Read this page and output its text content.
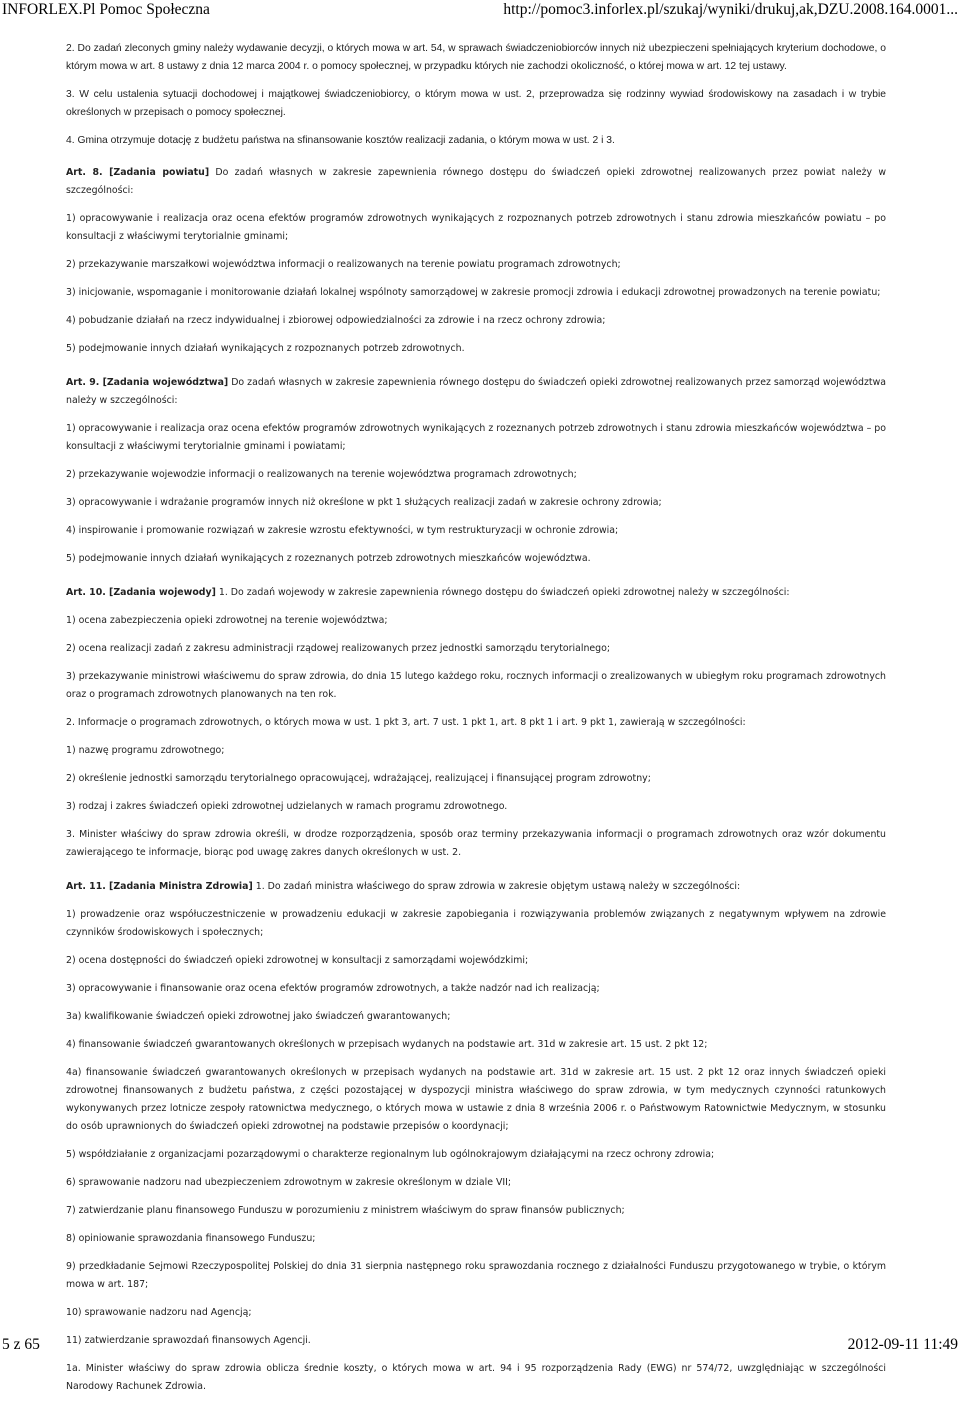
INFORLEX.Pl Pomoc Społeczna	http://pomoc3.inforlex.pl/szukaj/wyniki/drukuj,ak,DZU.2008.164.0001...

2. Do zadań zleconych gminy należy wydawanie decyzji, o których mowa w art. 54, w sprawach świadczeniobiorców innych niż ubezpieczeni spełniających kryterium dochodowe, o którym mowa w art. 8 ustawy z dnia 12 marca 2004 r. o pomocy społecznej, w przypadku których nie zachodzi okoliczność, o której mowa w art. 12 tej ustawy.

3. W celu ustalenia sytuacji dochodowej i majątkowej świadczeniobiorcy, o którym mowa w ust. 2, przeprowadza się rodzinny wywiad środowiskowy na zasadach i w trybie określonych w przepisach o pomocy społecznej.

4. Gmina otrzymuje dotację z budżetu państwa na sfinansowanie kosztów realizacji zadania, o którym mowa w ust. 2 i 3.

Art. 8. [Zadania powiatu] Do zadań własnych w zakresie zapewnienia równego dostępu do świadczeń opieki zdrowotnej realizowanych przez powiat należy w szczególności:

1) opracowywanie i realizacja oraz ocena efektów programów zdrowotnych wynikających z rozpoznanych potrzeb zdrowotnych i stanu zdrowia mieszkańców powiatu – po konsultacji z właściwymi terytorialnie gminami;

2) przekazywanie marszałkowi województwa informacji o realizowanych na terenie powiatu programach zdrowotnych;

3) inicjowanie, wspomaganie i monitorowanie działań lokalnej wspólnoty samorządowej w zakresie promocji zdrowia i edukacji zdrowotnej prowadzonych na terenie powiatu;

4) pobudzanie działań na rzecz indywidualnej i zbiorowej odpowiedzialności za zdrowie i na rzecz ochrony zdrowia;

5) podejmowanie innych działań wynikających z rozpoznanych potrzeb zdrowotnych.

Art. 9. [Zadania województwa] Do zadań własnych w zakresie zapewnienia równego dostępu do świadczeń opieki zdrowotnej realizowanych przez samorząd województwa należy w szczególności:

1) opracowywanie i realizacja oraz ocena efektów programów zdrowotnych wynikających z rozeznanych potrzeb zdrowotnych i stanu zdrowia mieszkańców województwa – po konsultacji z właściwymi terytorialnie gminami i powiatami;

2) przekazywanie wojewodzie informacji o realizowanych na terenie województwa programach zdrowotnych;

3) opracowywanie i wdrażanie programów innych niż określone w pkt 1 służących realizacji zadań w zakresie ochrony zdrowia;

4) inspirowanie i promowanie rozwiązań w zakresie wzrostu efektywności, w tym restrukturyzacji w ochronie zdrowia;

5) podejmowanie innych działań wynikających z rozeznanych potrzeb zdrowotnych mieszkańców województwa.

Art. 10. [Zadania wojewody] 1. Do zadań wojewody w zakresie zapewnienia równego dostępu do świadczeń opieki zdrowotnej należy w szczególności:

1) ocena zabezpieczenia opieki zdrowotnej na terenie województwa;

2) ocena realizacji zadań z zakresu administracji rządowej realizowanych przez jednostki samorządu terytorialnego;

3) przekazywanie ministrowi właściwemu do spraw zdrowia, do dnia 15 lutego każdego roku, rocznych informacji o zrealizowanych w ubiegłym roku programach zdrowotnych oraz o programach zdrowotnych planowanych na ten rok.

2. Informacje o programach zdrowotnych, o których mowa w ust. 1 pkt 3, art. 7 ust. 1 pkt 1, art. 8 pkt 1 i art. 9 pkt 1, zawierają w szczególności:

1) nazwę programu zdrowotnego;

2) określenie jednostki samorządu terytorialnego opracowującej, wdrażającej, realizującej i finansującej program zdrowotny;

3) rodzaj i zakres świadczeń opieki zdrowotnej udzielanych w ramach programu zdrowotnego.

3. Minister właściwy do spraw zdrowia określi, w drodze rozporządzenia, sposób oraz terminy przekazywania informacji o programach zdrowotnych oraz wzór dokumentu zawierającego te informacje, biorąc pod uwagę zakres danych określonych w ust. 2.

Art. 11. [Zadania Ministra Zdrowia] 1. Do zadań ministra właściwego do spraw zdrowia w zakresie objętym ustawą należy w szczególności:

1) prowadzenie oraz współuczestniczenie w prowadzeniu edukacji w zakresie zapobiegania i rozwiązywania problemów związanych z negatywnym wpływem na zdrowie czynników środowiskowych i społecznych;

2) ocena dostępności do świadczeń opieki zdrowotnej w konsultacji z samorządami wojewódzkimi;

3) opracowywanie i finansowanie oraz ocena efektów programów zdrowotnych, a także nadzór nad ich realizacją;

3a) kwalifikowanie świadczeń opieki zdrowotnej jako świadczeń gwarantowanych;

4) finansowanie świadczeń gwarantowanych określonych w przepisach wydanych na podstawie art. 31d w zakresie art. 15 ust. 2 pkt 12;

4a) finansowanie świadczeń gwarantowanych określonych w przepisach wydanych na podstawie art. 31d w zakresie art. 15 ust. 2 pkt 12 oraz innych świadczeń opieki zdrowotnej finansowanych z budżetu państwa, z części pozostającej w dyspozycji ministra właściwego do spraw zdrowia, w tym medycznych czynności ratunkowych wykonywanych przez lotnicze zespoły ratownictwa medycznego, o których mowa w ustawie z dnia 8 września 2006 r. o Państwowym Ratownictwie Medycznym, w stosunku do osób uprawnionych do świadczeń opieki zdrowotnej na podstawie przepisów o koordynacji;

5) współdziałanie z organizacjami pozarządowymi o charakterze regionalnym lub ogólnokrajowym działającymi na rzecz ochrony zdrowia;

6) sprawowanie nadzoru nad ubezpieczeniem zdrowotnym w zakresie określonym w dziale VII;

7) zatwierdzanie planu finansowego Funduszu w porozumieniu z ministrem właściwym do spraw finansów publicznych;

8) opiniowanie sprawozdania finansowego Funduszu;

9) przedkładanie Sejmowi Rzeczypospolitej Polskiej do dnia 31 sierpnia następnego roku sprawozdania rocznego z działalności Funduszu przygotowanego w trybie, o którym mowa w art. 187;

10) sprawowanie nadzoru nad Agencją;

11) zatwierdzanie sprawozdań finansowych Agencji.

1a. Minister właściwy do spraw zdrowia oblicza średnie koszty, o których mowa w art. 94 i 95 rozporządzenia Rady (EWG) nr 574/72, uwzględniając w szczególności Narodowy Rachunek Zdrowia.

5 z 65	2012-09-11 11:49
